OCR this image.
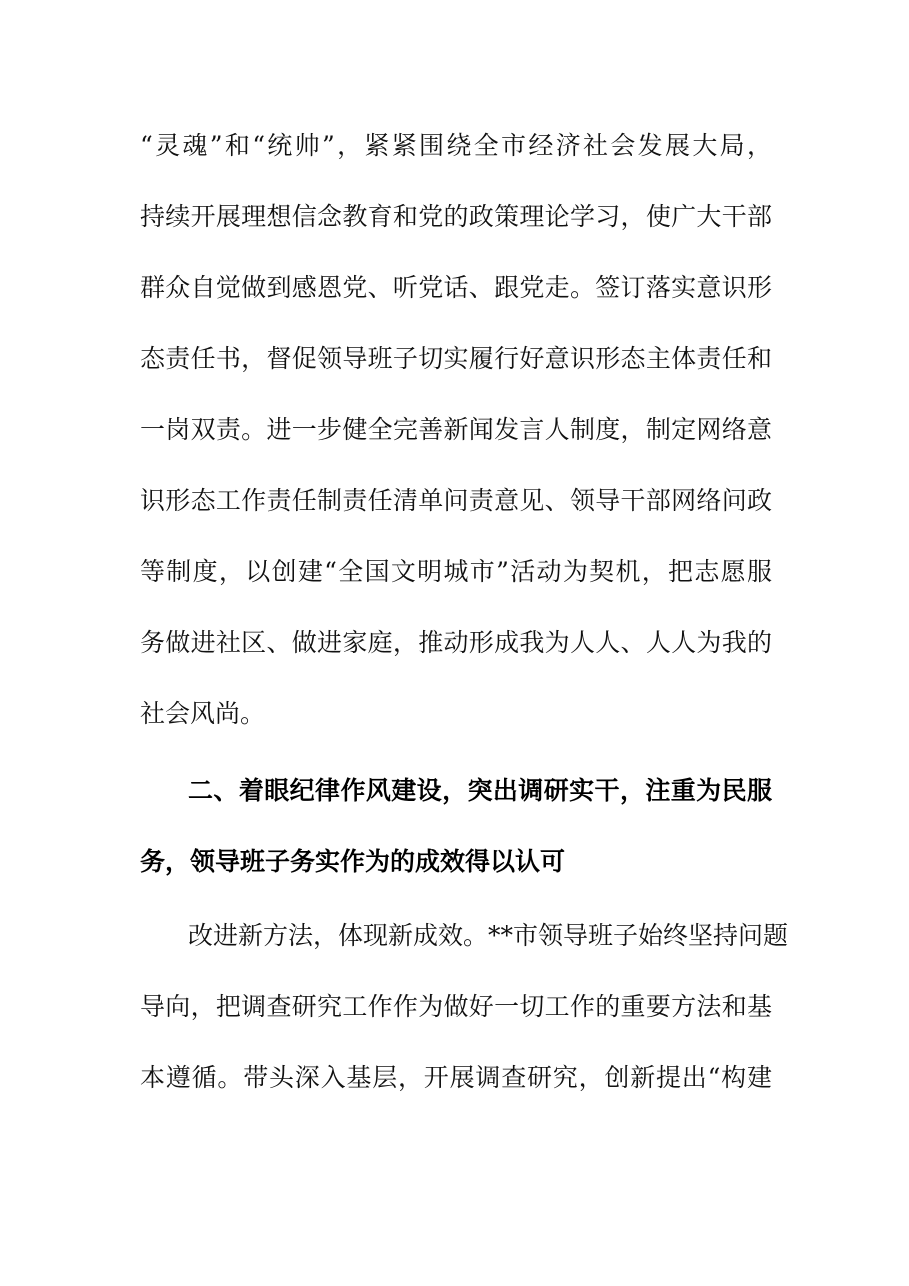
“灵魂”和“统帅”，紧紧围绕全市经济社会发展大局，

持续开展理想信念教育和党的政策理论学习，使广大干部

群众自觉做到感恩党、听党话、跟党走。签订落实意识形

态责任书，督促领导班子切实履行好意识形态主体责任和

一岗双责。进一步健全完善新闻发言人制度，制定网络意

识形态工作责任制责任清单问责意见、领导干部网络问政

等制度，以创建“全国文明城市”活动为契机，把志愿服

务做进社区、做进家庭，推动形成我为人人、人人为我的

社会风尚。

二、着眼纪律作风建设，突出调研实干，注重为民服

务，领导班子务实作为的成效得以认可

改进新方法，体现新成效。**市领导班子始终坚持问题

导向，把调查研究工作作为做好一切工作的重要方法和基

本遵循。带头深入基层，开展调查研究，创新提出“构建
